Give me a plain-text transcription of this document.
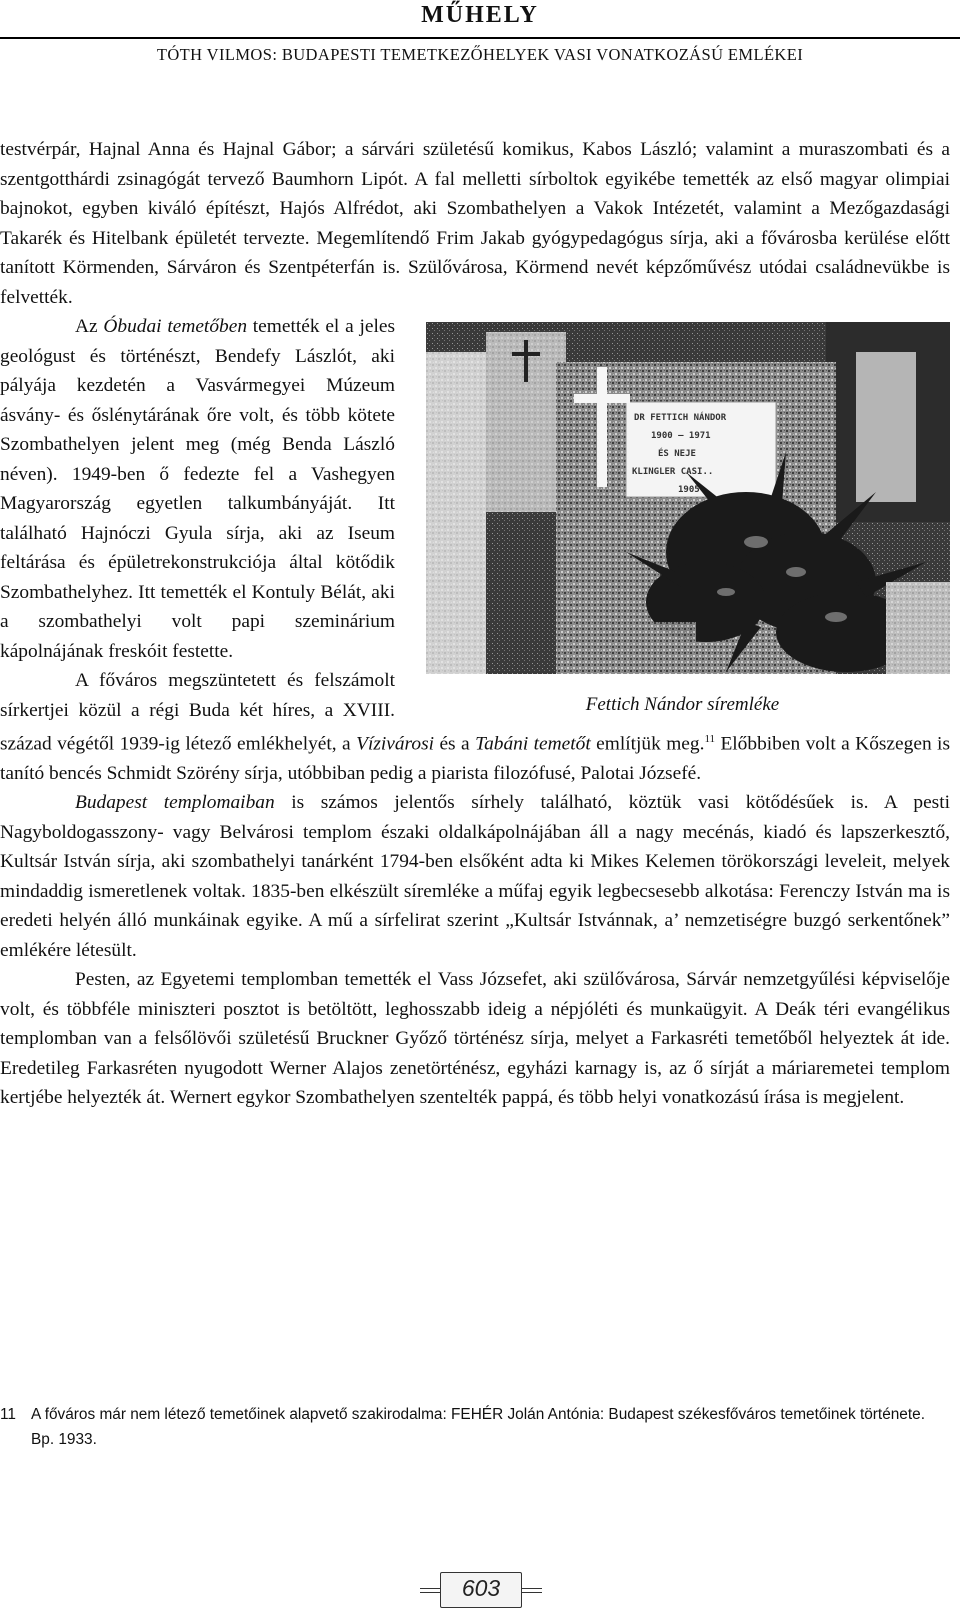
MŰHELY
TÓTH VILMOS: BUDAPESTI TEMETKEZŐHELYEK VASI VONATKOZÁSÚ EMLÉKEI

testvérpár, Hajnal Anna és Hajnal Gábor; a sárvári születésű komikus, Kabos László; valamint a muraszombati és a szentgotthárdi zsinagógát tervező Baumhorn Lipót. A fal melletti sírboltok egyikébe temették az első magyar olimpiai bajnokot, egyben kiváló építészt, Hajós Alfrédot, aki Szombathelyen a Vakok Intézetét, valamint a Mezőgazdasági Takarék és Hitelbank épületét tervezte. Megemlítendő Frim Jakab gyógypedagógus sírja, aki a fővárosba kerülése előtt tanított Körmenden, Sárváron és Szentpéterfán is. Szülővárosa, Körmend nevét képzőművész utódai családnevükbe is felvették.

DR FETTICH NÁNDOR
1900 — 1971
ÉS NEJE
KLINGLER CASI..
1905
Fettich Nándor síremléke

Az Óbudai temetőben temették el a jeles geológust és történészt, Bendefy Lászlót, aki pályája kezdetén a Vasvármegyei Múzeum ásvány- és őslénytárának őre volt, és több kötete Szombathelyen jelent meg (még Benda László néven). 1949-ben ő fedezte fel a Vashegyen Magyarország egyetlen talkumbányáját. Itt található Hajnóczi Gyula sírja, aki az Iseum feltárása és épületrekonstrukciója által kötődik Szombathelyhez. Itt temették el Kontuly Bélát, aki a szombathelyi volt papi szeminárium kápolnájának freskóit festette.

A főváros megszüntetett és felszámolt sírkertjei közül a régi Buda két híres, a XVIII. század végétől 1939-ig létező emlékhelyét, a Vízivárosi és a Tabáni temetőt említjük meg.$^{11}$ Előbbiben volt a Kőszegen is tanító bencés Schmidt Szörény sírja, utóbbiban pedig a piarista filozófusé, Palotai Józsefé.

Budapest templomaiban is számos jelentős sírhely található, köztük vasi kötődésűek is. A pesti Nagyboldogasszony- vagy Belvárosi templom északi oldalkápolnájában áll a nagy mecénás, kiadó és lapszerkesztő, Kultsár István sírja, aki szombathelyi tanárként 1794-ben elsőként adta ki Mikes Kelemen törökországi leveleit, melyek mindaddig ismeretlenek voltak. 1835-ben elkészült síremléke a műfaj egyik legbecsesebb alkotása: Ferenczy István ma is eredeti helyén álló munkáinak egyike. A mű a sírfelirat szerint „Kultsár Istvánnak, a’ nemzetiségre buzgó serkentőnek” emlékére létesült.

Pesten, az Egyetemi templomban temették el Vass Józsefet, aki szülővárosa, Sárvár nemzetgyűlési képviselője volt, és többféle miniszteri posztot is betöltött, leghosszabb ideig a népjóléti és munkaügyit. A Deák téri evangélikus templomban van a felsőlövői születésű Bruckner Győző történész sírja, melyet a Farkasréti temetőből helyeztek át ide. Eredetileg Farkasréten nyugodott Werner Alajos zenetörténész, egyházi karnagy is, az ő sírját a máriaremetei templom kertjébe helyezték át. Wernert egykor Szombathelyen szentelték pappá, és több helyi vonatkozású írása is megjelent.

11 A főváros már nem létező temetőinek alapvető szakirodalma: FEHÉR Jolán Antónia: Budapest székesfőváros temetőinek története. Bp. 1933.
603
